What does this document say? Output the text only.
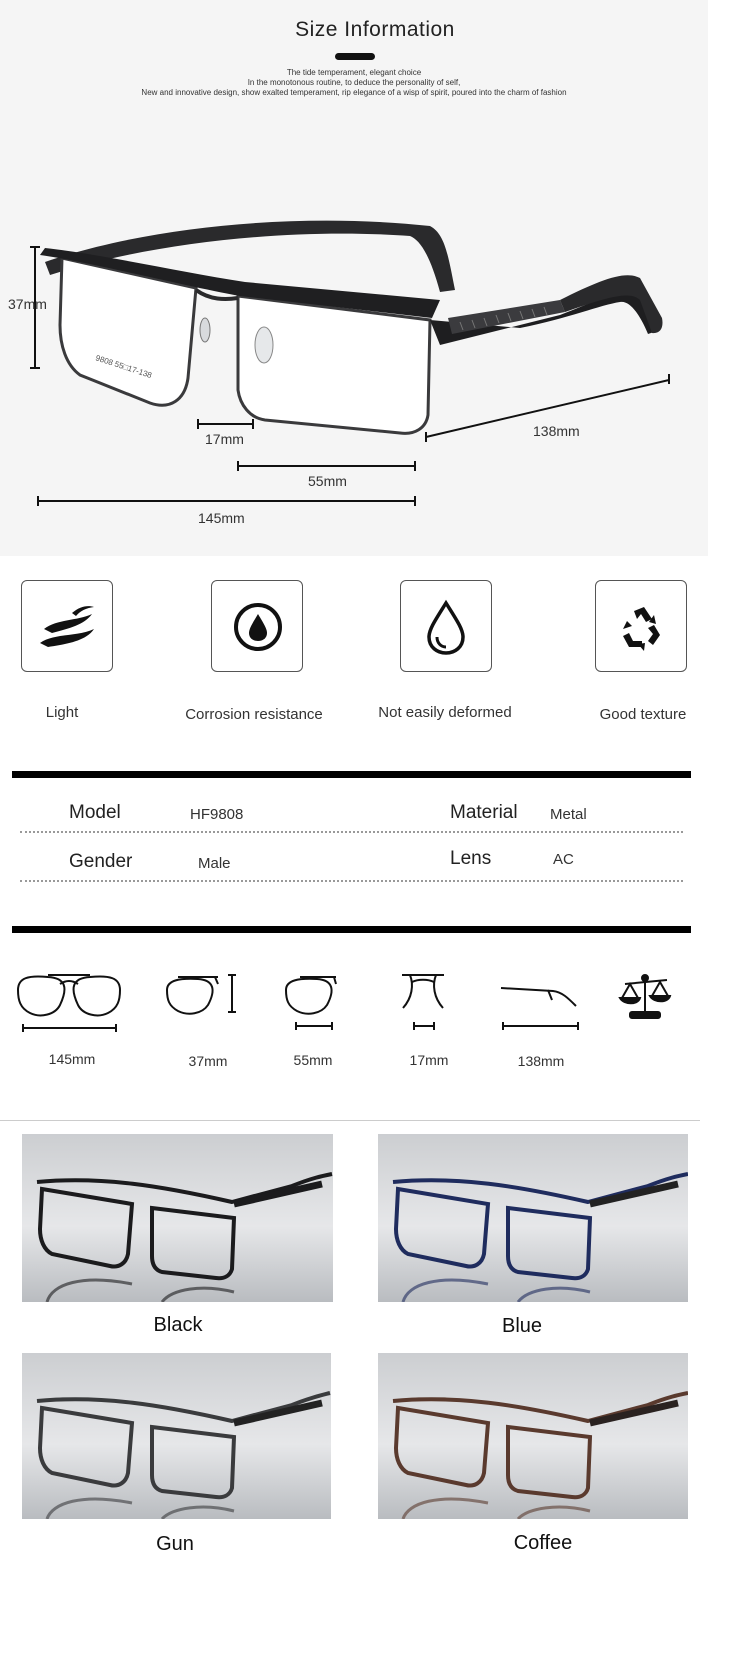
Size Information
The tide temperament, elegant choice
In the monotonous routine, to deduce the personality of self,
New and innovative design, show exalted temperament, rip elegance of a wisp of spirit, poured into the charm of fashion
9808 55□17-138
37mm
17mm
55mm
145mm
138mm
Light	Corrosion resistance	Not easily deformed	Good texture
Model	HF9808	Material Metal
Gender	Male	Lens	AC
145mm	37mm	55mm	17mm	138mm
Black	Blue
Gun	Coffee
